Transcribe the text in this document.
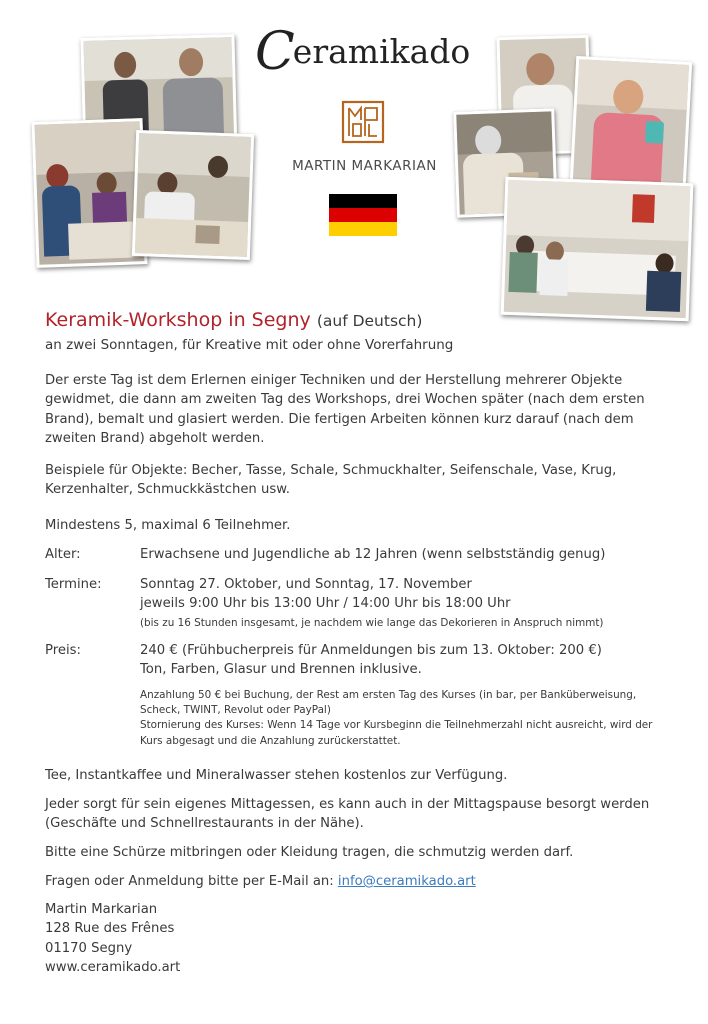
Ceramikado
MARTIN MARKARIAN
Keramik-Workshop in Segny (auf Deutsch)
an zwei Sonntagen, für Kreative mit oder ohne Vorerfahrung
Der erste Tag ist dem Erlernen einiger Techniken und der Herstellung mehrerer Objekte gewidmet, die dann am zweiten Tag des Workshops, drei Wochen später (nach dem ersten Brand), bemalt und glasiert werden. Die fertigen Arbeiten können kurz darauf (nach dem zweiten Brand) abgeholt werden.
Beispiele für Objekte: Becher, Tasse, Schale, Schmuckhalter, Seifenschale, Vase, Krug, Kerzenhalter, Schmuckkästchen usw.
Mindestens 5, maximal 6 Teilnehmer.
Alter:	Erwachsene und Jugendliche ab 12 Jahren (wenn selbstständig genug)
Termine:	Sonntag 27. Oktober, und Sonntag, 17. November
jeweils 9:00 Uhr bis 13:00 Uhr / 14:00 Uhr bis 18:00 Uhr
(bis zu 16 Stunden insgesamt, je nachdem wie lange das Dekorieren in Anspruch nimmt)
Preis:	240 € (Frühbucherpreis für Anmeldungen bis zum 13. Oktober: 200 €)
Ton, Farben, Glasur und Brennen inklusive.
Anzahlung 50 € bei Buchung, der Rest am ersten Tag des Kurses (in bar, per Banküberweisung, Scheck, TWINT, Revolut oder PayPal)
Stornierung des Kurses: Wenn 14 Tage vor Kursbeginn die Teilnehmerzahl nicht ausreicht, wird der Kurs abgesagt und die Anzahlung zurückerstattet.
Tee, Instantkaffee und Mineralwasser stehen kostenlos zur Verfügung.
Jeder sorgt für sein eigenes Mittagessen, es kann auch in der Mittagspause besorgt werden (Geschäfte und Schnellrestaurants in der Nähe).
Bitte eine Schürze mitbringen oder Kleidung tragen, die schmutzig werden darf.
Fragen oder Anmeldung bitte per E-Mail an: info@ceramikado.art
Martin Markarian
128 Rue des Frênes
01170 Segny
www.ceramikado.art
